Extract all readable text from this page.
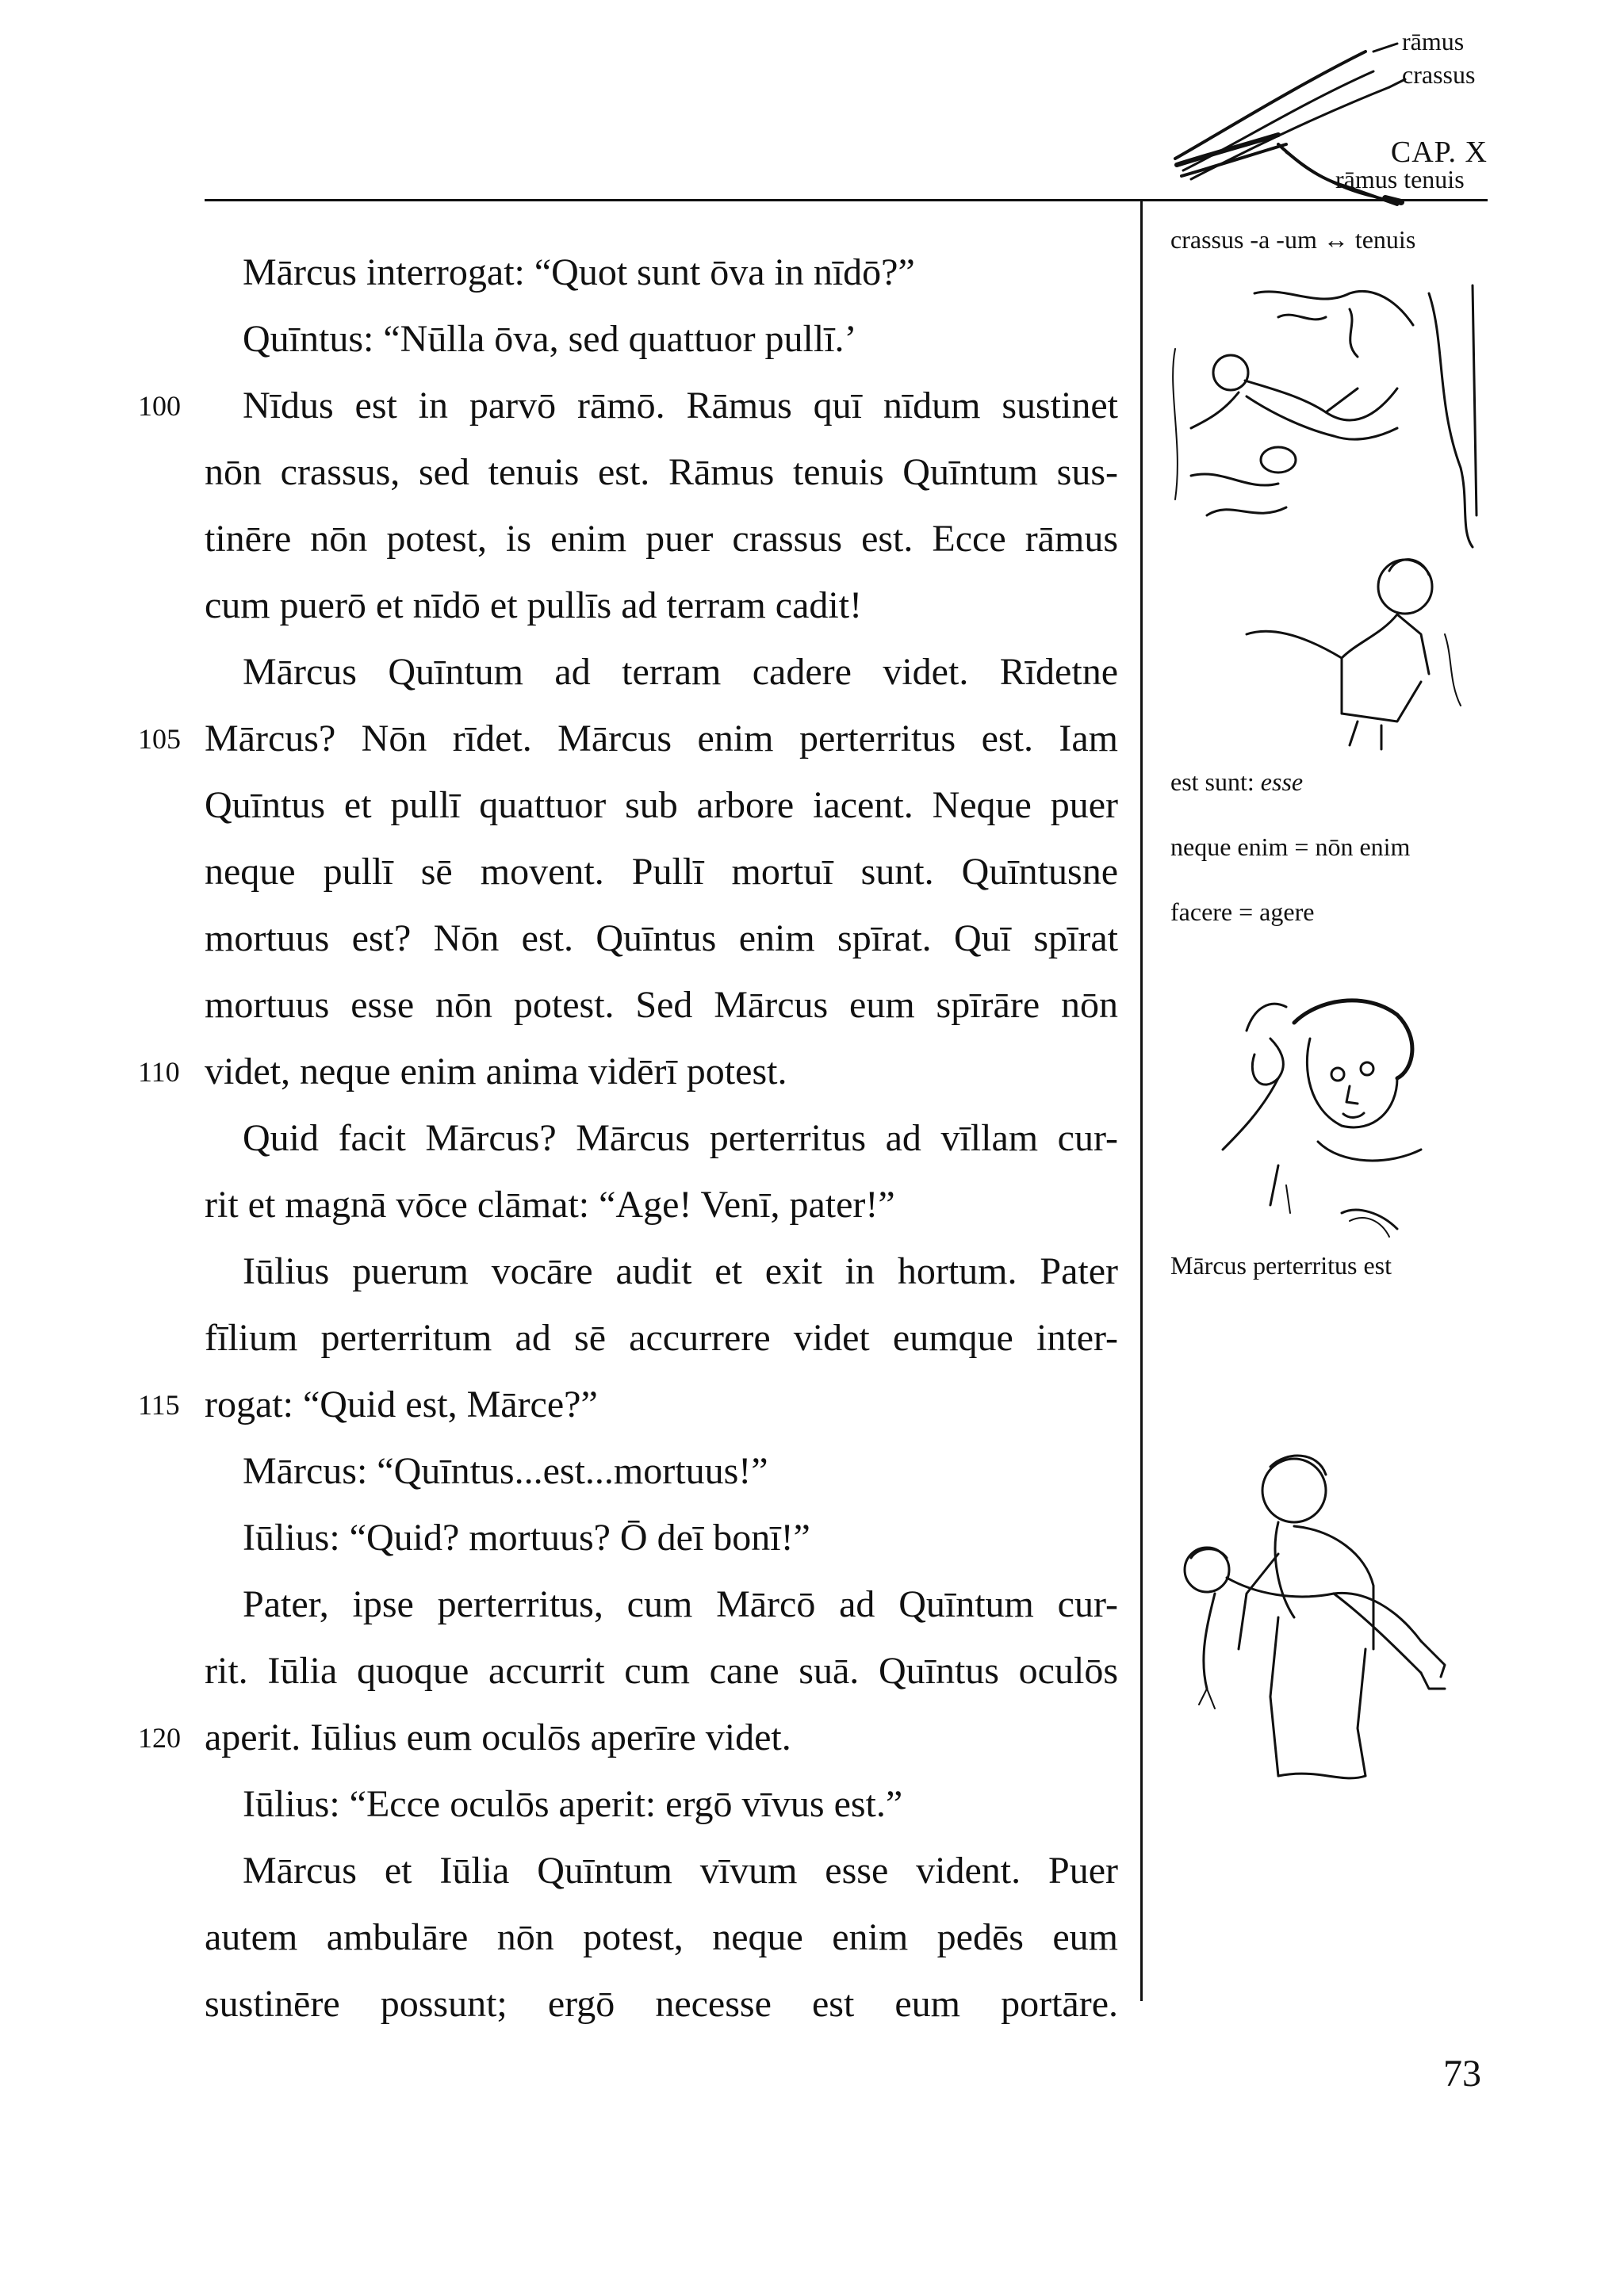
CAP. X
Mārcus interrogat: “Quot sunt ōva in nīdō?”
Quīntus: “Nūlla ōva, sed quattuor pullī.’
100	Nīdus est in parvō rāmō. Rāmus quī nīdum sustinet
nōn crassus, sed tenuis est. Rāmus tenuis Quīntum sus-
tinēre nōn potest, is enim puer crassus est. Ecce rāmus
cum puerō et nīdō et pullīs ad terram cadit!
Mārcus Quīntum ad terram cadere videt. Rīdetne
105 Mārcus? Nōn rīdet. Mārcus enim perterritus est. Iam
Quīntus et pullī quattuor sub arbore iacent. Neque puer
neque pullī sē movent. Pullī mortuī sunt. Quīntusne
mortuus est? Nōn est. Quīntus enim spīrat. Quī spīrat
mortuus esse nōn potest. Sed Mārcus eum spīrāre nōn
110 videt, neque enim anima vidērī potest.
Quid facit Mārcus? Mārcus perterritus ad vīllam cur-
rit et magnā vōce clāmat: “Age! Venī, pater!”
Iūlius puerum vocāre audit et exit in hortum. Pater
fīlium perterritum ad sē accurrere videt eumque inter-
115 rogat: “Quid est, Mārce?”
Mārcus: “Quīntus...est...mortuus!”
Iūlius: “Quid? mortuus? Ō deī bonī!”
Pater, ipse perterritus, cum Mārcō ad Quīntum cur-
rit. Iūlia quoque accurrit cum cane suā. Quīntus oculōs
120 aperit. Iūlius eum oculōs aperīre videt.
Iūlius: “Ecce oculōs aperit: ergō vīvus est.”
Mārcus et Iūlia Quīntum vīvum esse vident. Puer
autem ambulāre nōn potest, neque enim pedēs eum
sustinēre possunt; ergō necesse est eum portāre.
rāmus
crassus
rāmus tenuis
crassus -a -um ↔ tenuis
est sunt: esse
neque enim = nōn enim
facere = agere
Mārcus perterritus est
73
